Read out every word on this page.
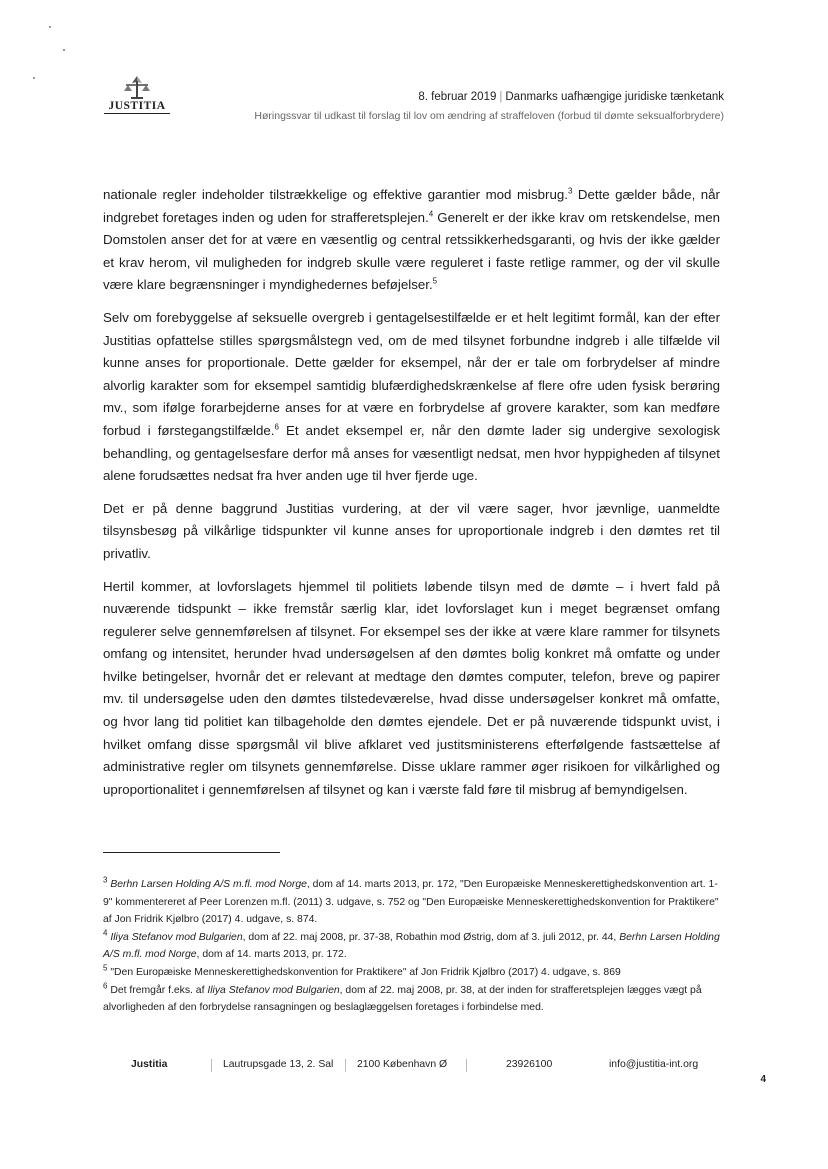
JUSTITIA
8. februar 2019 | Danmarks uafhængige juridiske tænketank
Høringssvar til udkast til forslag til lov om ændring af straffeloven (forbud til dømte seksualforbrydere)

nationale regler indeholder tilstrækkelige og effektive garantier mod misbrug.$^3$ Dette gælder både, når indgrebet foretages inden og uden for strafferetsplejen.$^4$ Generelt er der ikke krav om retskendelse, men Domstolen anser det for at være en væsentlig og central retssikkerhedsgaranti, og hvis der ikke gælder et krav herom, vil muligheden for indgreb skulle være reguleret i faste retlige rammer, og der vil skulle være klare begrænsninger i myndighedernes beføjelser.$^5$

Selv om forebyggelse af seksuelle overgreb i gentagelsestilfælde er et helt legitimt formål, kan der efter Justitias opfattelse stilles spørgsmålstegn ved, om de med tilsynet forbundne indgreb i alle tilfælde vil kunne anses for proportionale. Dette gælder for eksempel, når der er tale om forbrydelser af mindre alvorlig karakter som for eksempel samtidig blufærdighedskrænkelse af flere ofre uden fysisk berøring mv., som ifølge forarbejderne anses for at være en forbrydelse af grovere karakter, som kan medføre forbud i førstegangstilfælde.$^6$ Et andet eksempel er, når den dømte lader sig undergive sexologisk behandling, og gentagelsesfare derfor må anses for væsentligt nedsat, men hvor hyppigheden af tilsynet alene forudsættes nedsat fra hver anden uge til hver fjerde uge.

Det er på denne baggrund Justitias vurdering, at der vil være sager, hvor jævnlige, uanmeldte tilsynsbesøg på vilkårlige tidspunkter vil kunne anses for uproportionale indgreb i den dømtes ret til privatliv.

Hertil kommer, at lovforslagets hjemmel til politiets løbende tilsyn med de dømte – i hvert fald på nuværende tidspunkt – ikke fremstår særlig klar, idet lovforslaget kun i meget begrænset omfang regulerer selve gennemførelsen af tilsynet. For eksempel ses der ikke at være klare rammer for tilsynets omfang og intensitet, herunder hvad undersøgelsen af den dømtes bolig konkret må omfatte og under hvilke betingelser, hvornår det er relevant at medtage den dømtes computer, telefon, breve og papirer mv. til undersøgelse uden den dømtes tilstedeværelse, hvad disse undersøgelser konkret må omfatte, og hvor lang tid politiet kan tilbageholde den dømtes ejendele. Det er på nuværende tidspunkt uvist, i hvilket omfang disse spørgsmål vil blive afklaret ved justitsministerens efterfølgende fastsættelse af administrative regler om tilsynets gennemførelse. Disse uklare rammer øger risikoen for vilkårlighed og uproportionalitet i gennemførelsen af tilsynet og kan i værste fald føre til misbrug af bemyndigelsen.

$^3$ Berhn Larsen Holding A/S m.fl. mod Norge, dom af 14. marts 2013, pr. 172, "Den Europæiske Menneskerettighedskonvention art. 1-9" kommentereret af Peer Lorenzen m.fl. (2011) 3. udgave, s. 752 og "Den Europæiske Menneskerettighedskonvention for Praktikere" af Jon Fridrik Kjølbro (2017) 4. udgave, s. 874.

$^4$ Iliya Stefanov mod Bulgarien, dom af 22. maj 2008, pr. 37-38, Robathin mod Østrig, dom af 3. juli 2012, pr. 44, Berhn Larsen Holding A/S m.fl. mod Norge, dom af 14. marts 2013, pr. 172.

$^5$ "Den Europæiske Menneskerettighedskonvention for Praktikere" af Jon Fridrik Kjølbro (2017) 4. udgave, s. 869

$^6$ Det fremgår f.eks. af Iliya Stefanov mod Bulgarien, dom af 22. maj 2008, pr. 38, at der inden for strafferetsplejen lægges vægt på alvorligheden af den forbrydelse ransagningen og beslaglæggelsen foretages i forbindelse med.

Justitia	Lautrupsgade 13, 2. Sal 2100 København Ø	23926100	info@justitia-int.org
4
